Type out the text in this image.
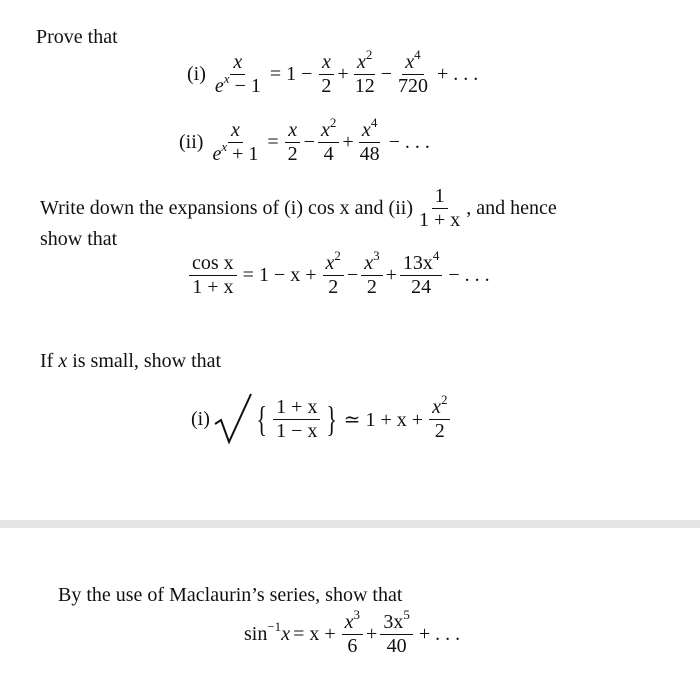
Prove that
$(i) \frac{x}{e^x - 1} = 1 - \frac{x}{2} + \frac{x^2}{12} - \frac{x^4}{720}$ + . . .
$(ii) \frac{x}{e^x + 1} = \frac{x}{2} - \frac{x^2}{4} + \frac{x^4}{48}$ − . . .
Write down the expansions of (i) cos x and $(ii) \frac{1}{1 + x}$ , and hence
show that
$\frac{\text{cos x}}{1 + x} = 1 - x + \frac{x^2}{2} - \frac{x^3}{2} + \frac{13x^4}{24}$ − . . .
If x is small, show that
(i) { $\frac{1 + x}{1 - x}$ } ≃ $1 + x + \frac{x^2}{2}$
By the use of Maclaurin’s series, show that
$\sin^{-1}x = x + \frac{x^3}{6} + \frac{3x^5}{40}$ + . . .
